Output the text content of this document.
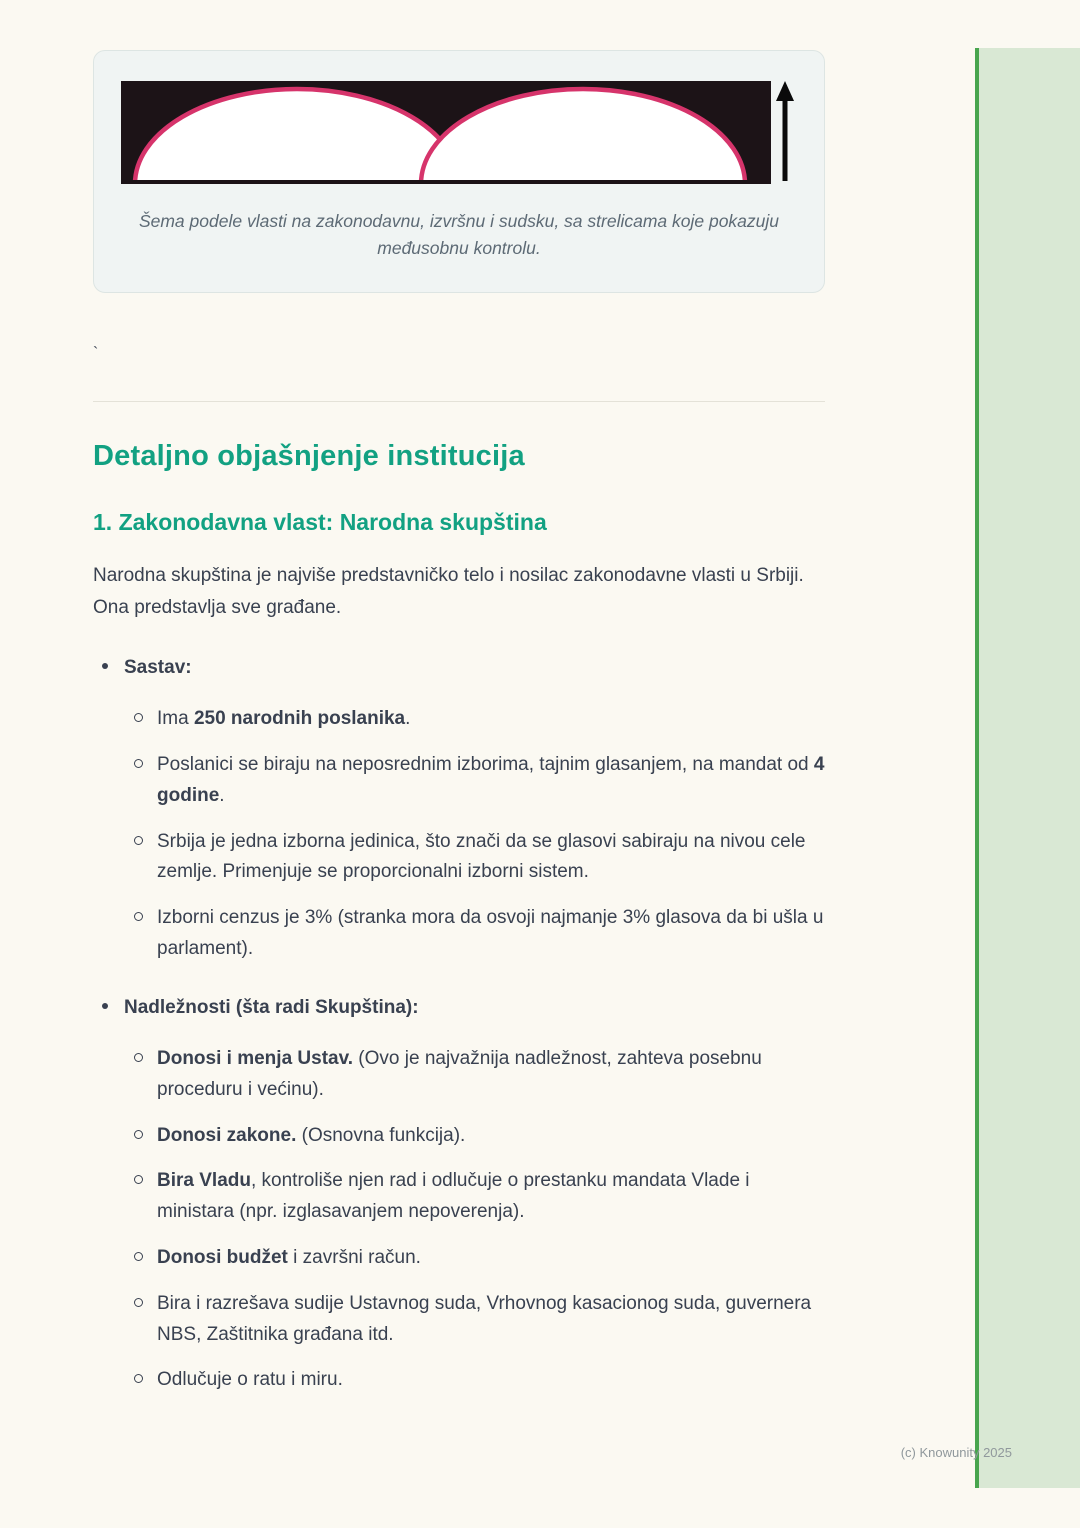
Šema podele vlasti na zakonodavnu, izvršnu i sudsku, sa strelicama koje pokazuju međusobnu kontrolu.
`
Detaljno objašnjenje institucija
1. Zakonodavna vlast: Narodna skupština

Narodna skupština je najviše predstavničko telo i nosilac zakonodavne vlasti u Srbiji. Ona predstavlja sve građane.

Sastav:

Ima 250 narodnih poslanika.
Poslanici se biraju na neposrednim izborima, tajnim glasanjem, na mandat od 4 godine.
Srbija je jedna izborna jedinica, što znači da se glasovi sabiraju na nivou cele zemlje. Primenjuje se proporcionalni izborni sistem.
Izborni cenzus je 3% (stranka mora da osvoji najmanje 3% glasova da bi ušla u parlament).

Nadležnosti (šta radi Skupština):

Donosi i menja Ustav. (Ovo je najvažnija nadležnost, zahteva posebnu proceduru i većinu).
Donosi zakone. (Osnovna funkcija).
Bira Vladu, kontroliše njen rad i odlučuje o prestanku mandata Vlade i ministara (npr. izglasavanjem nepoverenja).
Donosi budžet i završni račun.
Bira i razrešava sudije Ustavnog suda, Vrhovnog kasacionog suda, guvernera NBS, Zaštitnika građana itd.
Odlučuje o ratu i miru.
(c) Knowunity 2025
